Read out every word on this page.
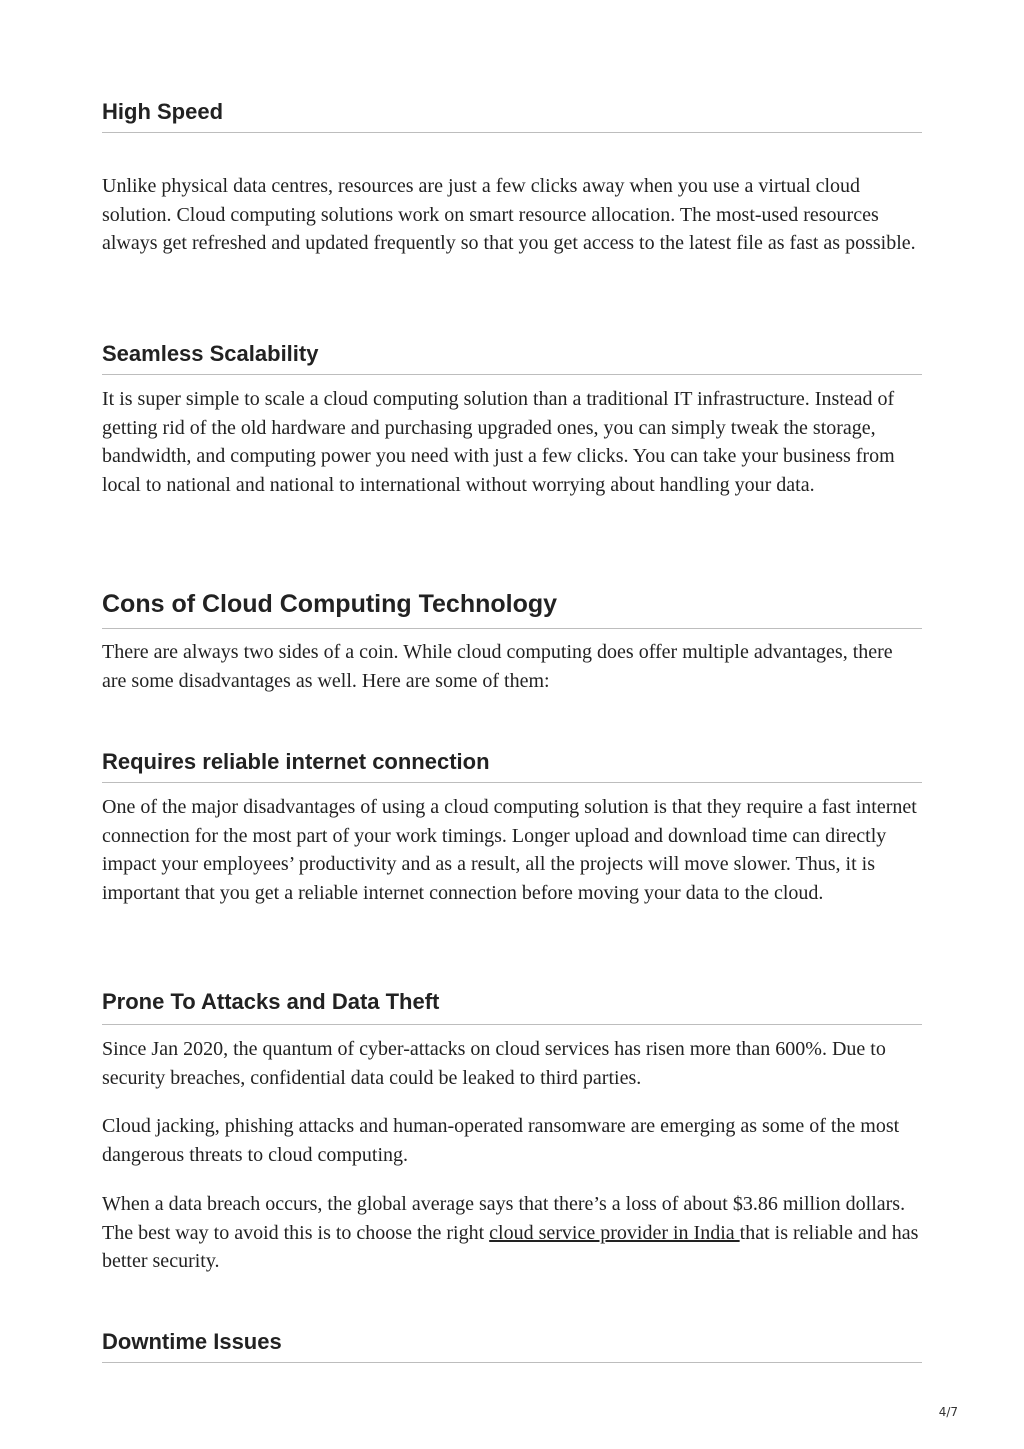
High Speed

Unlike physical data centres, resources are just a few clicks away when you use a virtual cloud solution. Cloud computing solutions work on smart resource allocation. The most-used resources always get refreshed and updated frequently so that you get access to the latest file as fast as possible.

Seamless Scalability

It is super simple to scale a cloud computing solution than a traditional IT infrastructure. Instead of getting rid of the old hardware and purchasing upgraded ones, you can simply tweak the storage, bandwidth, and computing power you need with just a few clicks. You can take your business from local to national and national to international without worrying about handling your data.

Cons of Cloud Computing Technology

There are always two sides of a coin. While cloud computing does offer multiple advantages, there are some disadvantages as well. Here are some of them:

Requires reliable internet connection

One of the major disadvantages of using a cloud computing solution is that they require a fast internet connection for the most part of your work timings. Longer upload and download time can directly impact your employees’ productivity and as a result, all the projects will move slower. Thus, it is important that you get a reliable internet connection before moving your data to the cloud.

Prone To Attacks and Data Theft

Since Jan 2020, the quantum of cyber-attacks on cloud services has risen more than 600%. Due to security breaches, confidential data could be leaked to third parties.

Cloud jacking, phishing attacks and human-operated ransomware are emerging as some of the most dangerous threats to cloud computing.

When a data breach occurs, the global average says that there’s a loss of about $3.86 million dollars. The best way to avoid this is to choose the right cloud service provider in India that is reliable and has better security.

Downtime Issues
4/7
